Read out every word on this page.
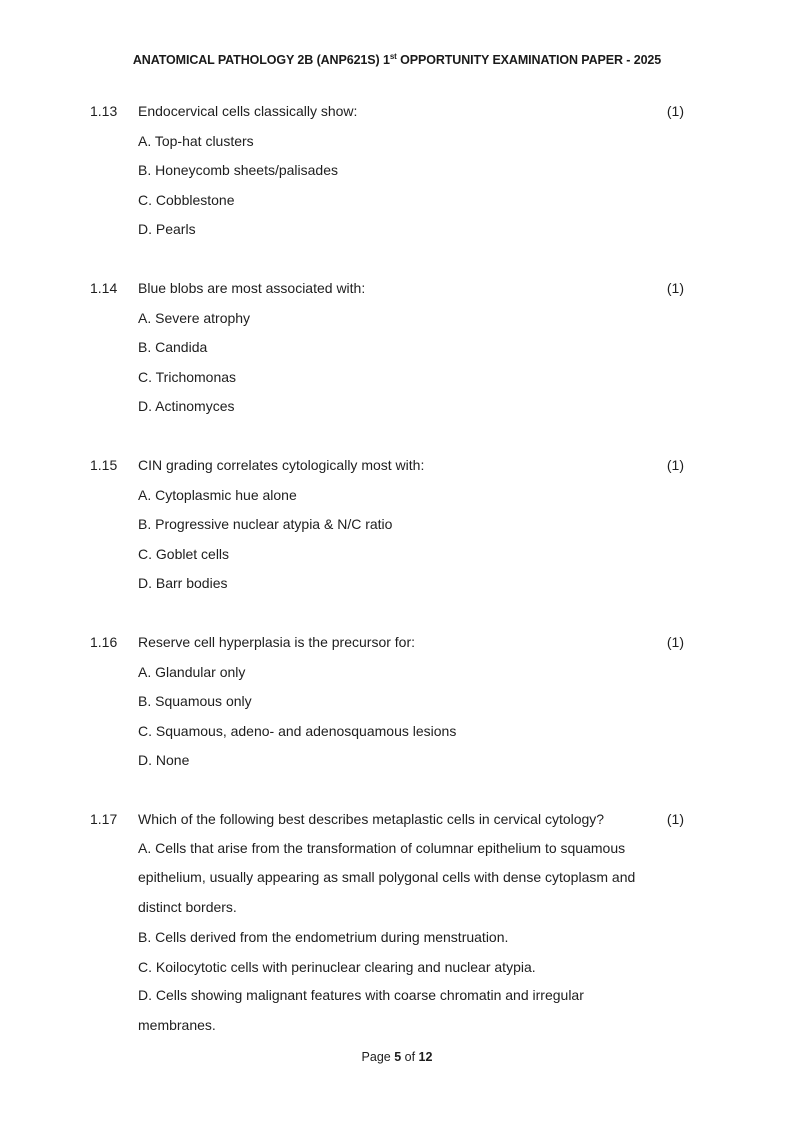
ANATOMICAL PATHOLOGY 2B (ANP621S) 1st OPPORTUNITY EXAMINATION PAPER - 2025
1.13 Endocervical cells classically show:	(1)
A. Top-hat clusters
B. Honeycomb sheets/palisades
C. Cobblestone
D. Pearls
1.14 Blue blobs are most associated with:	(1)
A. Severe atrophy
B. Candida
C. Trichomonas
D. Actinomyces
1.15 CIN grading correlates cytologically most with:	(1)
A. Cytoplasmic hue alone
B. Progressive nuclear atypia & N/C ratio
C. Goblet cells
D. Barr bodies
1.16 Reserve cell hyperplasia is the precursor for:	(1)
A. Glandular only
B. Squamous only
C. Squamous, adeno- and adenosquamous lesions
D. None
1.17 Which of the following best describes metaplastic cells in cervical cytology?	(1)
A. Cells that arise from the transformation of columnar epithelium to squamous epithelium, usually appearing as small polygonal cells with dense cytoplasm and distinct borders.
B. Cells derived from the endometrium during menstruation.
C. Koilocytotic cells with perinuclear clearing and nuclear atypia.
D. Cells showing malignant features with coarse chromatin and irregular membranes.
Page 5 of 12
